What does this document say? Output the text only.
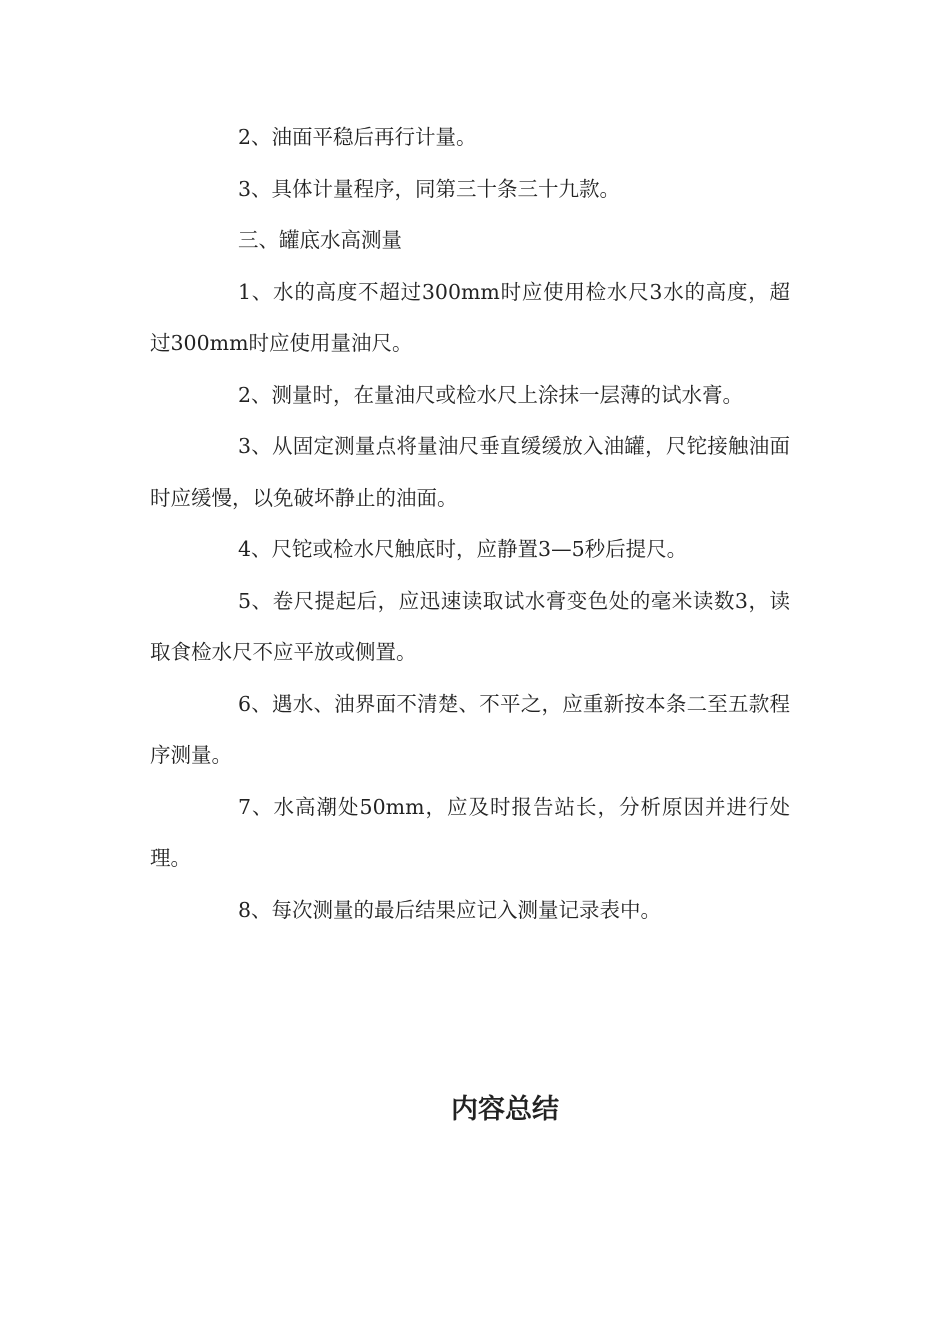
2、油面平稳后再行计量。

3、具体计量程序，同第三十条三十九款。

三、罐底水高测量

1、水的高度不超过300mm时应使用检水尺3水的高度，超过300mm时应使用量油尺。

2、测量时，在量油尺或检水尺上涂抹一层薄的试水膏。

3、从固定测量点将量油尺垂直缓缓放入油罐，尺铊接触油面时应缓慢，以免破坏静止的油面。

4、尺铊或检水尺触底时，应静置3—5秒后提尺。

5、卷尺提起后，应迅速读取试水膏变色处的毫米读数3，读取食检水尺不应平放或侧置。

6、遇水、油界面不清楚、不平之，应重新按本条二至五款程序测量。

7、水高潮处50mm，应及时报告站长，分析原因并进行处理。

8、每次测量的最后结果应记入测量记录表中。

内容总结
